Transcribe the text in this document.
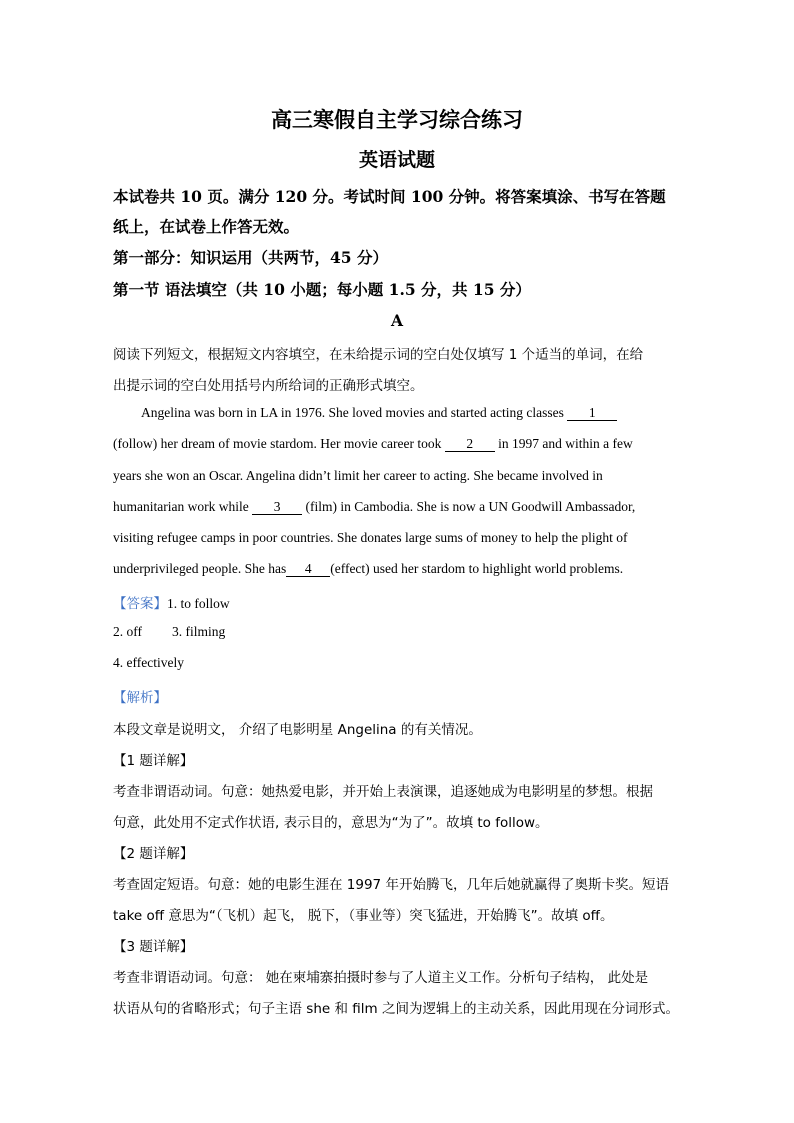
高三寒假自主学习综合练习
英语试题
本试卷共 10 页。满分 120 分。考试时间 100 分钟。将答案填涂、书写在答题
纸上，在试卷上作答无效。
第一部分：知识运用（共两节，45 分）
第一节 语法填空（共 10 小题；每小题 1.5 分，共 15 分）
A
阅读下列短文，根据短文内容填空，在未给提示词的空白处仅填写 1 个适当的单词，在给
出提示词的空白处用括号内所给词的正确形式填空。
Angelina was born in LA in 1976. She loved movies and started acting classes 1
(follow) her dream of movie stardom. Her movie career took 2 in 1997 and within a few
years she won an Oscar. Angelina didn’t limit her career to acting. She became involved in
humanitarian work while 3 (film) in Cambodia. She is now a UN Goodwill Ambassador,
visiting refugee camps in poor countries. She donates large sums of money to help the plight of
underprivileged people. She has 4 (effect) used her stardom to highlight world problems.
【答案】1. to follow
2. off 3. filming
4. effectively
【解析】
本段文章是说明文， 介绍了电影明星 Angelina 的有关情况。
【1 题详解】
考查非谓语动词。句意：她热爱电影，并开始上表演课，追逐她成为电影明星的梦想。根据
句意，此处用不定式作状语, 表示目的，意思为“为了”。故填 to follow。
【2 题详解】
考查固定短语。句意：她的电影生涯在 1997 年开始腾飞，几年后她就赢得了奥斯卡奖。短语
take off 意思为“（飞机）起飞， 脱下，（事业等）突飞猛进，开始腾飞”。故填 off。
【3 题详解】
考查非谓语动词。句意： 她在柬埔寨拍摄时参与了人道主义工作。分析句子结构， 此处是
状语从句的省略形式；句子主语 she 和 film 之间为逻辑上的主动关系，因此用现在分词形式。
